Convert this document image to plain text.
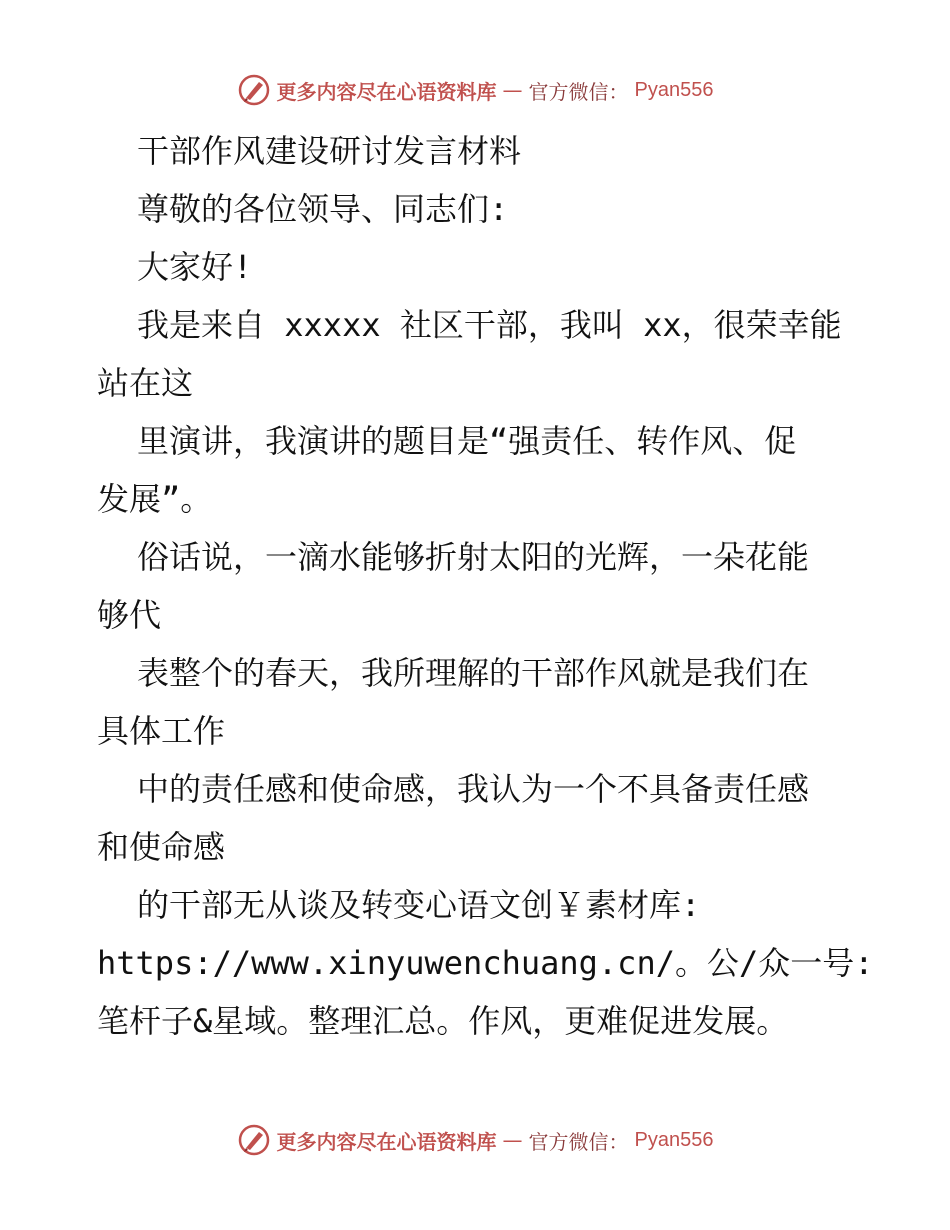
更多内容尽在心语资料库 — 官方微信： Pyan556
干部作风建设研讨发言材料
尊敬的各位领导、同志们:
大家好!
我是来自 xxxxx 社区干部，我叫 xx，很荣幸能
站在这
里演讲，我演讲的题目是“强责任、转作风、促
发展”。
俗话说，一滴水能够折射太阳的光辉，一朵花能
够代
表整个的春天，我所理解的干部作风就是我们在
具体工作
中的责任感和使命感，我认为一个不具备责任感
和使命感
的干部无从谈及转变心语文创￥素材库:
https://www.xinyuwenchuang.cn/。公/众一号:
笔杆子&星域。整理汇总。作风，更难促进发展。
更多内容尽在心语资料库 — 官方微信： Pyan556
